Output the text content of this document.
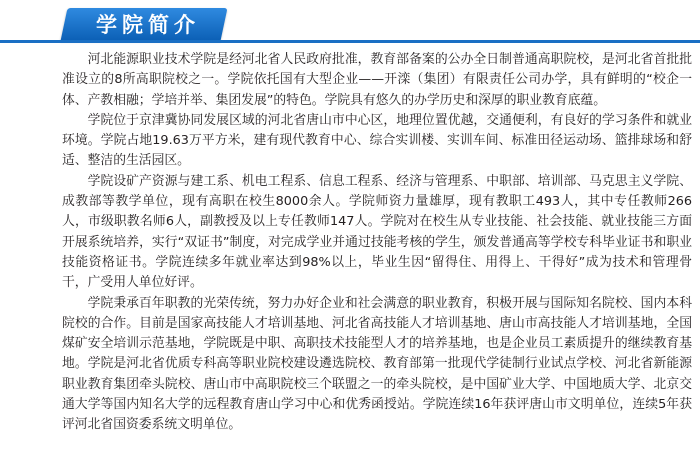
学院简介

河北能源职业技术学院是经河北省人民政府批准，教育部备案的公办全日制普通高职院校，是河北省首批批准设立的8所高职院校之一。学院依托国有大型企业——开滦（集团）有限责任公司办学，具有鲜明的“校企一体、产教相融；学培并举、集团发展”的特色。学院具有悠久的办学历史和深厚的职业教育底蕴。

学院位于京津冀协同发展区域的河北省唐山市中心区，地理位置优越，交通便利，有良好的学习条件和就业环境。学院占地19.63万平方米，建有现代教育中心、综合实训楼、实训车间、标准田径运动场、篮排球场和舒适、整洁的生活园区。

学院设矿产资源与建工系、机电工程系、信息工程系、经济与管理系、中职部、培训部、马克思主义学院、成教部等教学单位，现有高职在校生8000余人。学院师资力量雄厚，现有教职工493人，其中专任教师266人，市级职教名师6人，副教授及以上专任教师147人。学院对在校生从专业技能、社会技能、就业技能三方面开展系统培养，实行“双证书”制度，对完成学业并通过技能考核的学生，颁发普通高等学校专科毕业证书和职业技能资格证书。学院连续多年就业率达到98%以上，毕业生因“留得住、用得上、干得好”成为技术和管理骨干，广受用人单位好评。

学院秉承百年职教的光荣传统，努力办好企业和社会满意的职业教育，积极开展与国际知名院校、国内本科院校的合作。目前是国家高技能人才培训基地、河北省高技能人才培训基地、唐山市高技能人才培训基地，全国煤矿安全培训示范基地，学院既是中职、高职技术技能型人才的培养基地，也是企业员工素质提升的继续教育基地。学院是河北省优质专科高等职业院校建设遴选院校、教育部第一批现代学徒制行业试点学校、河北省新能源职业教育集团牵头院校、唐山市中高职院校三个联盟之一的牵头院校，是中国矿业大学、中国地质大学、北京交通大学等国内知名大学的远程教育唐山学习中心和优秀函授站。学院连续16年获评唐山市文明单位，连续5年获评河北省国资委系统文明单位。
